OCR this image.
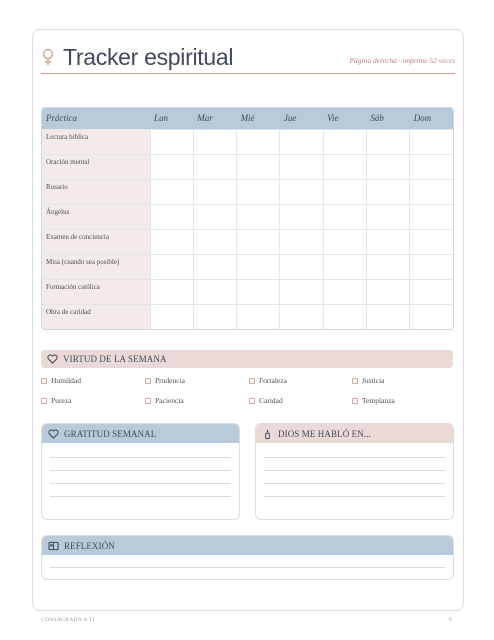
Tracker espiritual	Página derecha · imprime 52 veces
Práctica	Lun	Mar	Mié	Jue	Vie	Sáb	Dom
Lectura bíblica							
Oración mental							
Rosario							
Ángelus							
Examen de conciencia							
Misa (cuando sea posible)							
Formación católica							
Obra de caridad							
VIRTUD DE LA SEMANA
Humildad	Prudencia	Fortaleza	Justicia
Pureza	Paciencia	Caridad	Templanza
GRATITUD SEMANAL	DIOS ME HABLÓ EN...
REFLEXIÓN
CONSAGRADA A TI	6
